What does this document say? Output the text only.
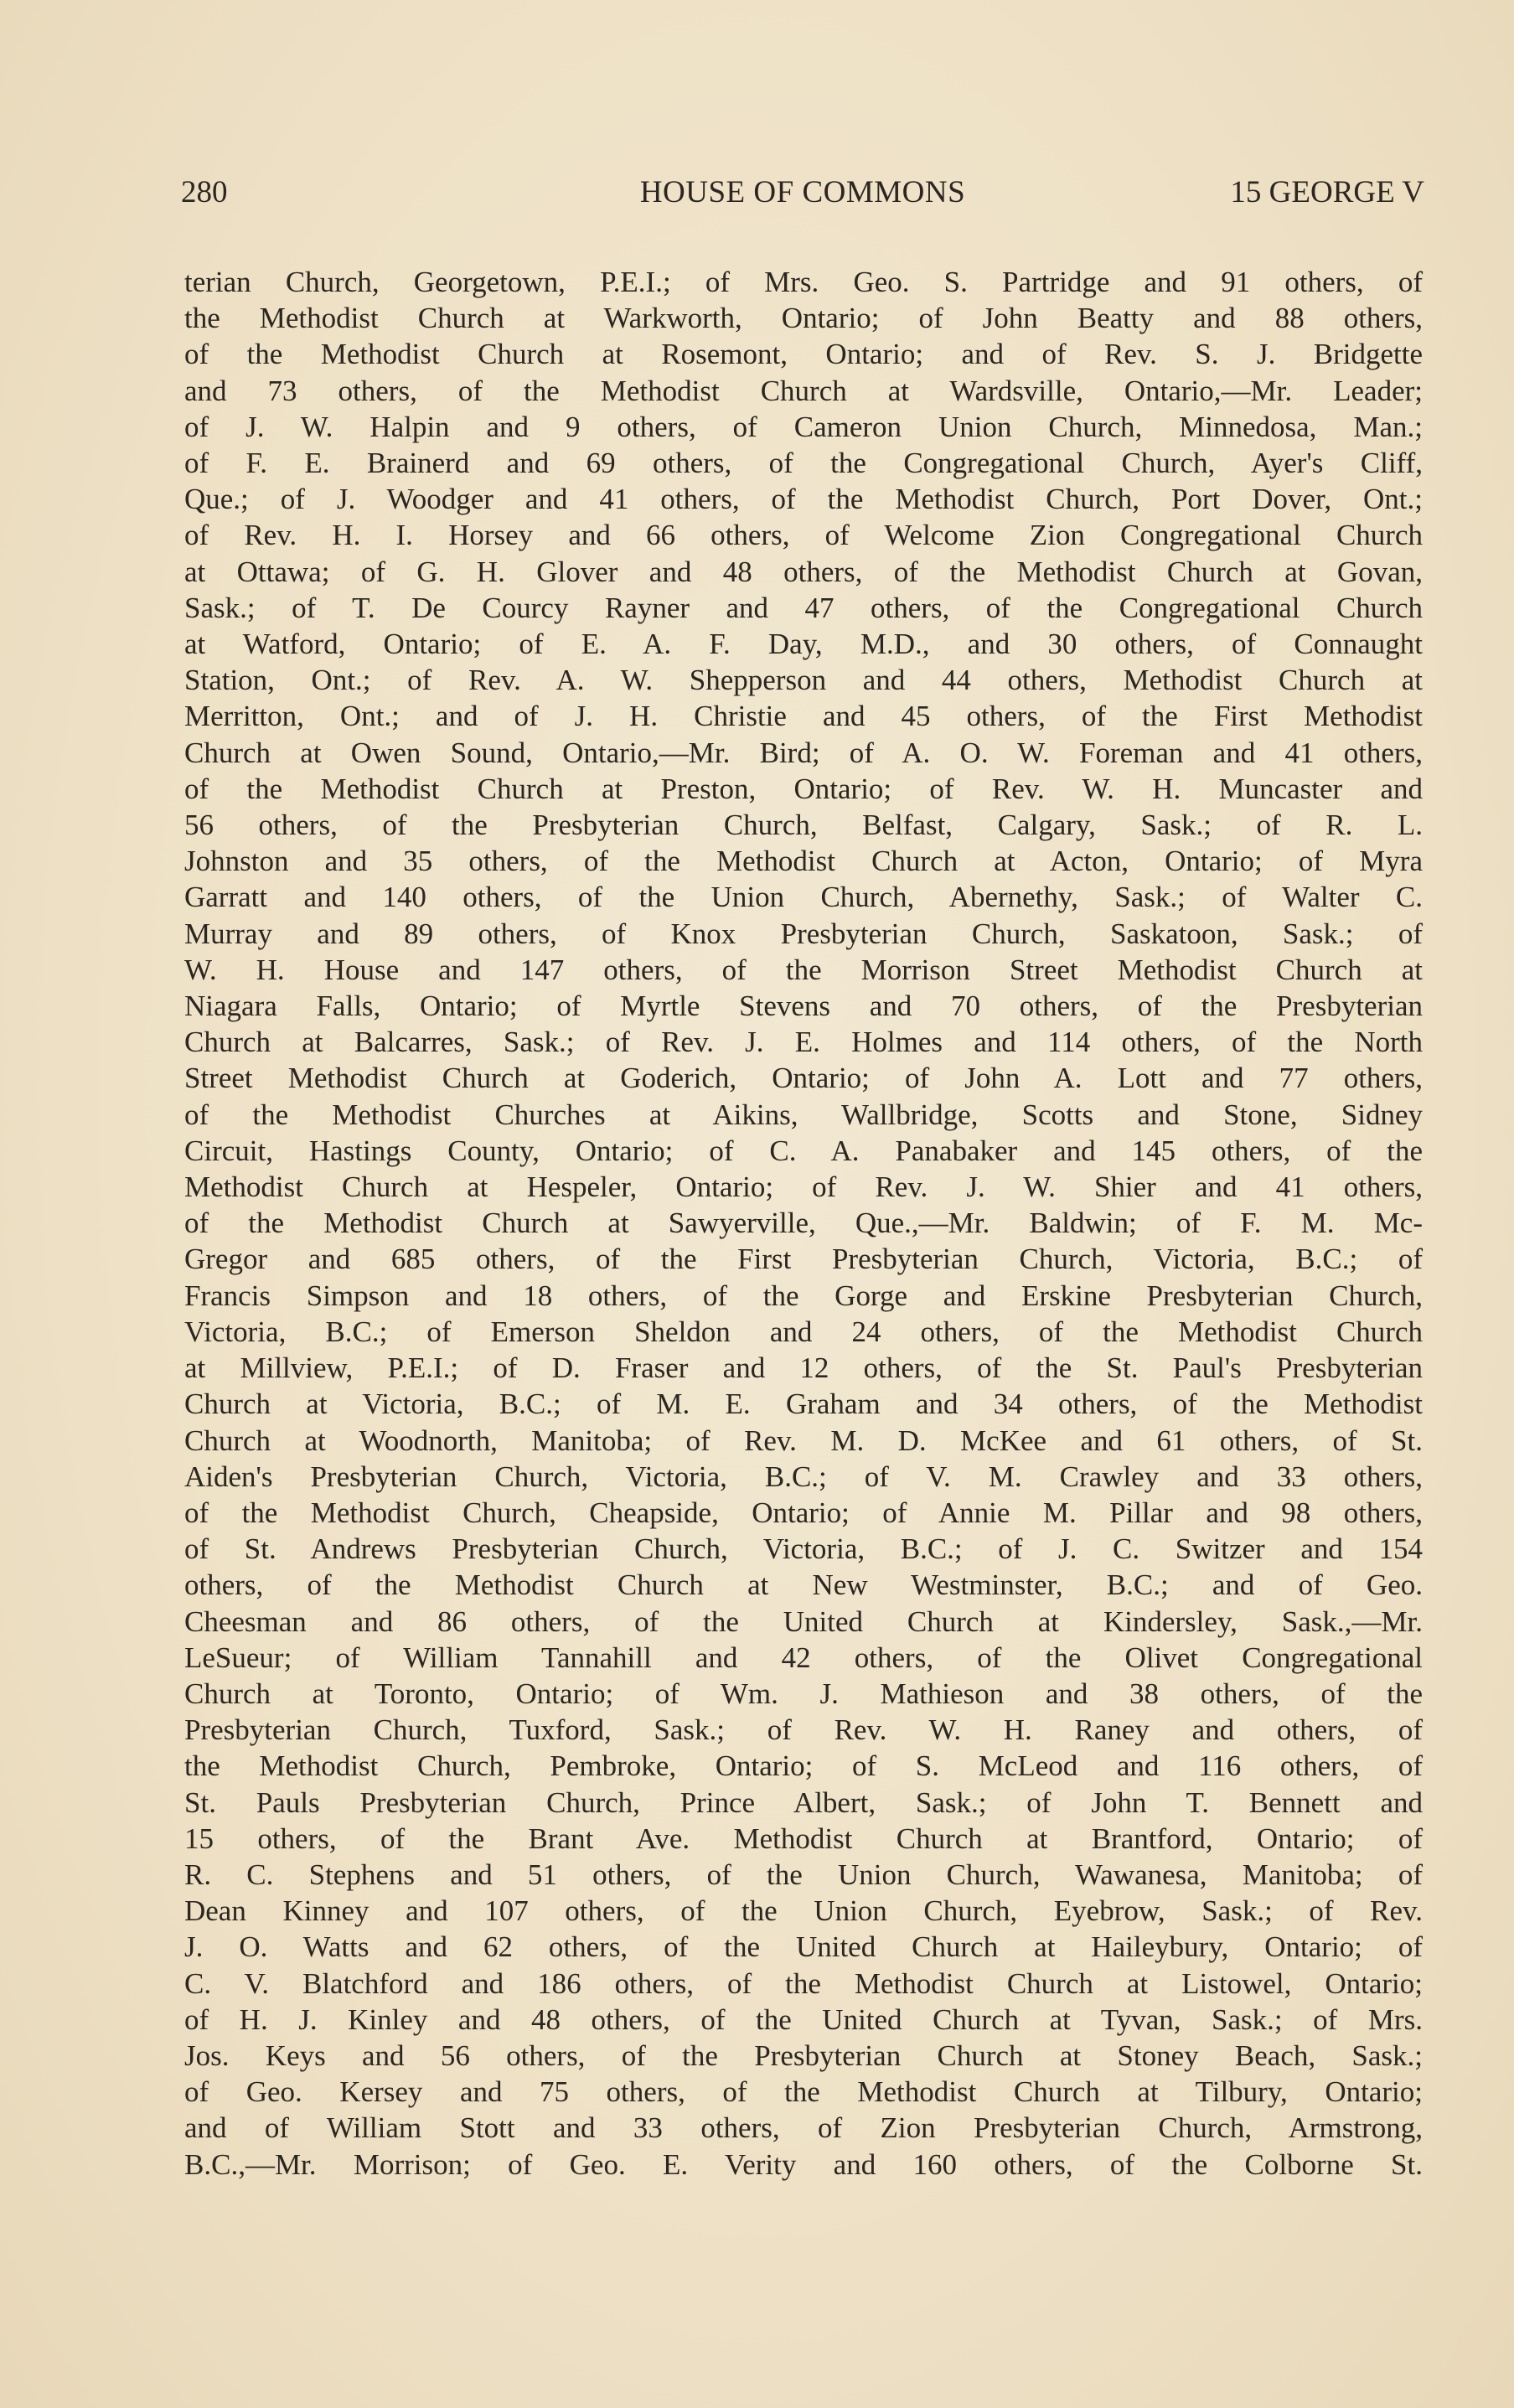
280	HOUSE OF COMMONS	15 GEORGE V
terian Church, Georgetown, P.E.I.; of Mrs. Geo. S. Partridge and 91 others, of
the Methodist Church at Warkworth, Ontario; of John Beatty and 88 others,
of the Methodist Church at Rosemont, Ontario; and of Rev. S. J. Bridgette
and 73 others, of the Methodist Church at Wardsville, Ontario,—Mr. Leader;
of J. W. Halpin and 9 others, of Cameron Union Church, Minnedosa, Man.;
of F. E. Brainerd and 69 others, of the Congregational Church, Ayer's Cliff,
Que.; of J. Woodger and 41 others, of the Methodist Church, Port Dover, Ont.;
of Rev. H. I. Horsey and 66 others, of Welcome Zion Congregational Church
at Ottawa; of G. H. Glover and 48 others, of the Methodist Church at Govan,
Sask.; of T. De Courcy Rayner and 47 others, of the Congregational Church
at Watford, Ontario; of E. A. F. Day, M.D., and 30 others, of Connaught
Station, Ont.; of Rev. A. W. Shepperson and 44 others, Methodist Church at
Merritton, Ont.; and of J. H. Christie and 45 others, of the First Methodist
Church at Owen Sound, Ontario,—Mr. Bird; of A. O. W. Foreman and 41 others,
of the Methodist Church at Preston, Ontario; of Rev. W. H. Muncaster and
56 others, of the Presbyterian Church, Belfast, Calgary, Sask.; of R. L.
Johnston and 35 others, of the Methodist Church at Acton, Ontario; of Myra
Garratt and 140 others, of the Union Church, Abernethy, Sask.; of Walter C.
Murray and 89 others, of Knox Presbyterian Church, Saskatoon, Sask.; of
W. H. House and 147 others, of the Morrison Street Methodist Church at
Niagara Falls, Ontario; of Myrtle Stevens and 70 others, of the Presbyterian
Church at Balcarres, Sask.; of Rev. J. E. Holmes and 114 others, of the North
Street Methodist Church at Goderich, Ontario; of John A. Lott and 77 others,
of the Methodist Churches at Aikins, Wallbridge, Scotts and Stone, Sidney
Circuit, Hastings County, Ontario; of C. A. Panabaker and 145 others, of the
Methodist Church at Hespeler, Ontario; of Rev. J. W. Shier and 41 others,
of the Methodist Church at Sawyerville, Que.,—Mr. Baldwin; of F. M. Mc-
Gregor and 685 others, of the First Presbyterian Church, Victoria, B.C.; of
Francis Simpson and 18 others, of the Gorge and Erskine Presbyterian Church,
Victoria, B.C.; of Emerson Sheldon and 24 others, of the Methodist Church
at Millview, P.E.I.; of D. Fraser and 12 others, of the St. Paul's Presbyterian
Church at Victoria, B.C.; of M. E. Graham and 34 others, of the Methodist
Church at Woodnorth, Manitoba; of Rev. M. D. McKee and 61 others, of St.
Aiden's Presbyterian Church, Victoria, B.C.; of V. M. Crawley and 33 others,
of the Methodist Church, Cheapside, Ontario; of Annie M. Pillar and 98 others,
of St. Andrews Presbyterian Church, Victoria, B.C.; of J. C. Switzer and 154
others, of the Methodist Church at New Westminster, B.C.; and of Geo.
Cheesman and 86 others, of the United Church at Kindersley, Sask.,—Mr.
LeSueur; of William Tannahill and 42 others, of the Olivet Congregational
Church at Toronto, Ontario; of Wm. J. Mathieson and 38 others, of the
Presbyterian Church, Tuxford, Sask.; of Rev. W. H. Raney and others, of
the Methodist Church, Pembroke, Ontario; of S. McLeod and 116 others, of
St. Pauls Presbyterian Church, Prince Albert, Sask.; of John T. Bennett and
15 others, of the Brant Ave. Methodist Church at Brantford, Ontario; of
R. C. Stephens and 51 others, of the Union Church, Wawanesa, Manitoba; of
Dean Kinney and 107 others, of the Union Church, Eyebrow, Sask.; of Rev.
J. O. Watts and 62 others, of the United Church at Haileybury, Ontario; of
C. V. Blatchford and 186 others, of the Methodist Church at Listowel, Ontario;
of H. J. Kinley and 48 others, of the United Church at Tyvan, Sask.; of Mrs.
Jos. Keys and 56 others, of the Presbyterian Church at Stoney Beach, Sask.;
of Geo. Kersey and 75 others, of the Methodist Church at Tilbury, Ontario;
and of William Stott and 33 others, of Zion Presbyterian Church, Armstrong,
B.C.,—Mr. Morrison; of Geo. E. Verity and 160 others, of the Colborne St.
